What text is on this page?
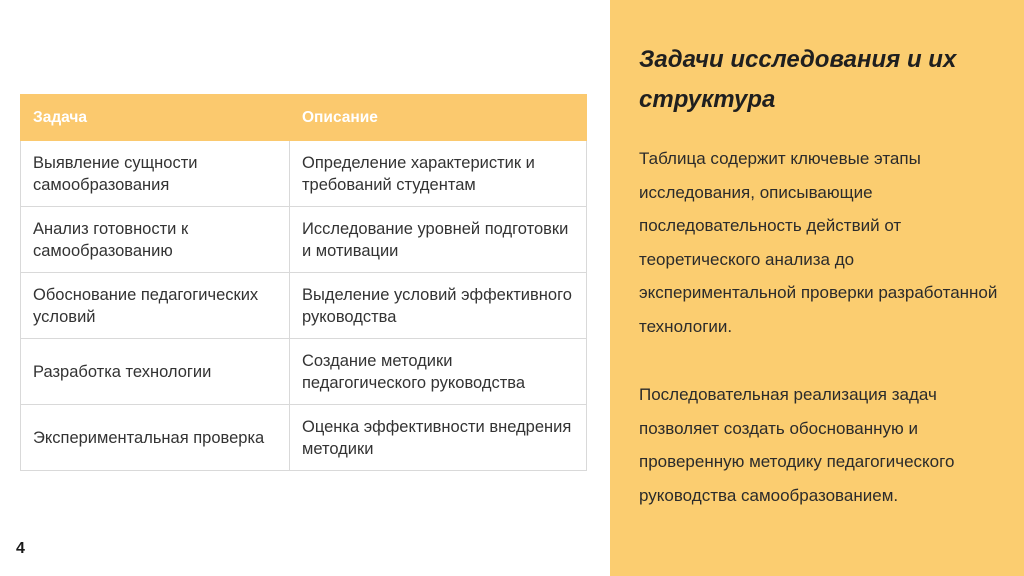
Задача	Описание
Выявление сущности самообразования	Определение характеристик и требований студентам
Анализ готовности к самообразованию	Исследование уровней подготовки и мотивации
Обоснование педагогических условий	Выделение условий эффективного руководства
Разработка технологии	Создание методики педагогического руководства
Экспериментальная проверка	Оценка эффективности внедрения методики
Задачи исследования и их структура

Таблица содержит ключевые этапы исследования, описывающие последовательность действий от теоретического анализа до экспериментальной проверки разработанной технологии.

Последовательная реализация задач позволяет создать обоснованную и проверенную методику педагогического руководства самообразованием.

4
